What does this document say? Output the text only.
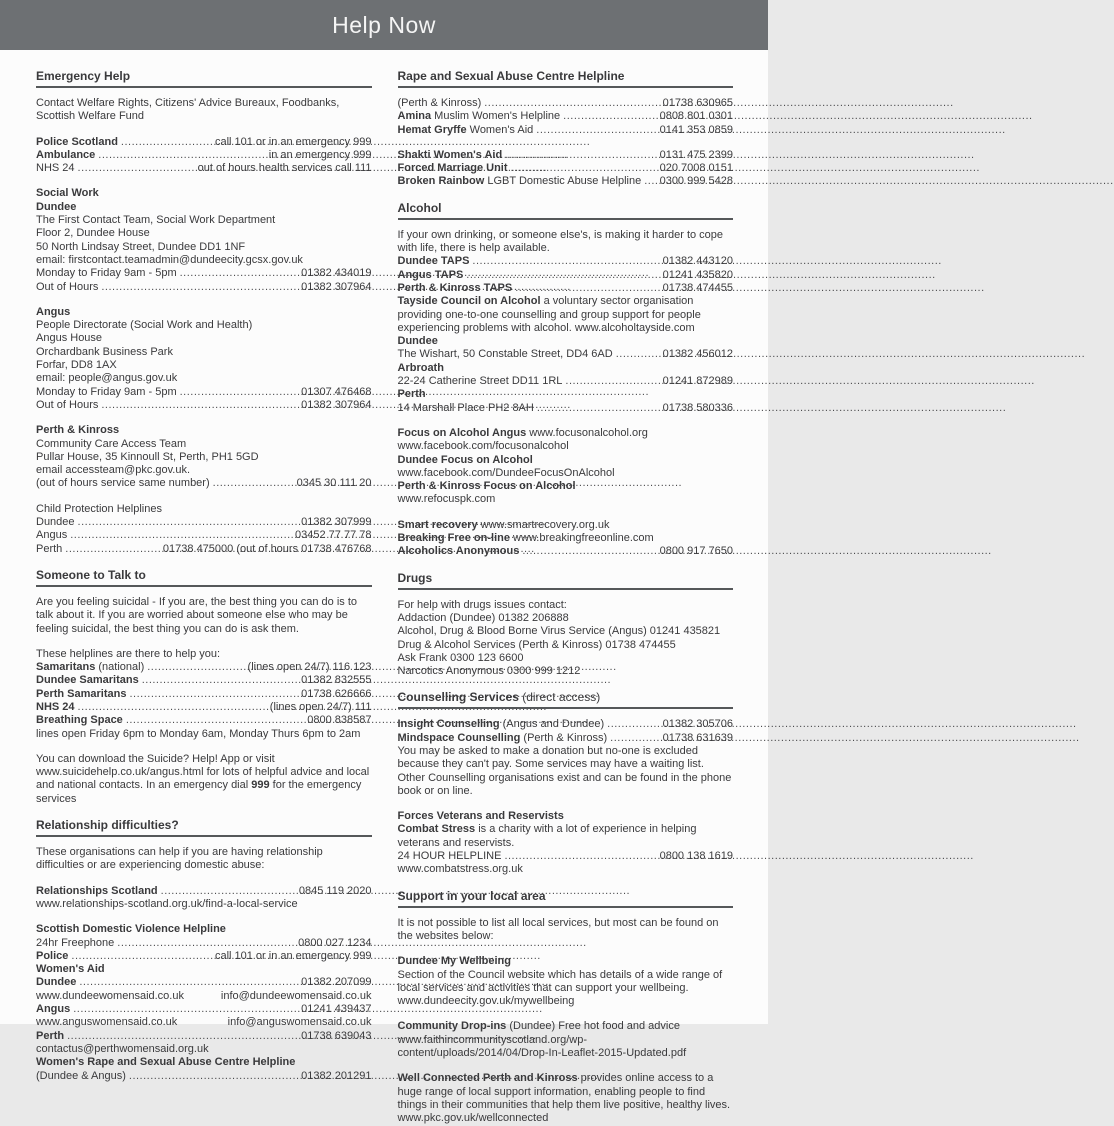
Help Now
Emergency Help
Contact Welfare Rights, Citizens' Advice Bureaux, Foodbanks, Scottish Welfare Fund
Police Scotland .....	call 101 or in an emergency 999
Ambulance .....	in an emergency 999
NHS 24 .....	out of hours health services call 111
Social Work
Dundee
The First Contact Team, Social Work Department
Floor 2, Dundee House
50 North Lindsay Street, Dundee DD1 1NF
email: firstcontact.teamadmin@dundeecity.gcsx.gov.uk
Monday to Friday 9am - 5pm .....	01382 434019
Out of Hours .....	01382 307964
Angus
People Directorate (Social Work and Health)
Angus House
Orchardbank Business Park
Forfar, DD8 1AX
email: people@angus.gov.uk
Monday to Friday 9am - 5pm .....	01307 476468
Out of Hours .....	01382 307964
Perth & Kinross
Community Care Access Team
Pullar House, 35 Kinnoull St, Perth, PH1 5GD
email accessteam@pkc.gov.uk.
(out of hours service same number) .....	0345 30 111 20
Child Protection Helplines
Dundee .....	01382 307999
Angus .....	03452 77 77 78
Perth .....	01738 475000 (out of hours 01738 476768
Someone to Talk to
Are you feeling suicidal - If you are, the best thing you can do is to talk about it. If you are worried about someone else who may be feeling suicidal, the best thing you can do is ask them.
These helplines are there to help you:
Samaritans (national) .....	(lines open 24/7) 116 123
Dundee Samaritans .....	01382 832555
Perth Samaritans .....	01738 626666
NHS 24 .....	(lines open 24/7) 111
Breathing Space .....	0800 838587
lines open Friday 6pm to Monday 6am, Monday Thurs 6pm to 2am
You can download the Suicide? Help! App or visit www.suicidehelp.co.uk/angus.html for lots of helpful advice and local and national contacts. In an emergency dial 999 for the emergency services
Relationship difficulties?
These organisations can help if you are having relationship difficulties or are experiencing domestic abuse:
Relationships Scotland .....	0845 119 2020
www.relationships-scotland.org.uk/find-a-local-service
Scottish Domestic Violence Helpline
24hr Freephone .....	0800 027 1234
Police .....	call 101 or in an emergency 999
Women's Aid
Dundee .....	01382 207099
www.dundeewomensaid.co.uk	info@dundeewomensaid.co.uk
Angus .....	01241 439437
www.anguswomensaid.co.uk	info@anguswomensaid.co.uk
Perth .....	01738 639043
contactus@perthwomensaid.org.uk
Women's Rape and Sexual Abuse Centre Helpline
(Dundee & Angus) .....	01382 201291
Rape and Sexual Abuse Centre Helpline
(Perth & Kinross) .....	01738 630965
Amina Muslim Women's Helpline .....	0808 801 0301
Hemat Gryffe Women's Aid .....	0141 353 0859
Shakti Women's Aid .....	0131 475 2399
Forced Marriage Unit .....	020 7008 0151
Broken Rainbow LGBT Domestic Abuse Helpline ..... 0300 999 5428
Alcohol
If your own drinking, or someone else's, is making it harder to cope with life, there is help available.
Dundee TAPS .....	01382 443120
Angus TAPS .....	01241 435820
Perth & Kinross TAPS .....	01738 474455
Tayside Council on Alcohol a voluntary sector organisation providing one-to-one counselling and group support for people experiencing problems with alcohol. www.alcoholtayside.com
Dundee
The Wishart, 50 Constable Street, DD4 6AD .....	01382 456012
Arbroath
22-24 Catherine Street DD11 1RL .....	01241 872989
Perth
14 Marshall Place PH2 8AH .....	01738 580336
Focus on Alcohol Angus www.focusonalcohol.org
www.facebook.com/focusonalcohol
Dundee Focus on Alcohol
www.facebook.com/DundeeFocusOnAlcohol
Perth & Kinross Focus on Alcohol
www.refocuspk.com
Smart recovery www.smartrecovery.org.uk
Breaking Free on-line www.breakingfreeonline.com
Alcoholics Anonymous .....	0800 917 7650
Drugs
For help with drugs issues contact:
Addaction (Dundee) 01382 206888
Alcohol, Drug & Blood Borne Virus Service (Angus) 01241 435821
Drug & Alcohol Services (Perth & Kinross) 01738 474455
Ask Frank 0300 123 6600
Narcotics Anonymous 0300 999 1212
Counselling Services (direct access)
Insight Counselling (Angus and Dundee) .....	01382 305706
Mindspace Counselling (Perth & Kinross) .....	01738 631639
You may be asked to make a donation but no-one is excluded because they can't pay. Some services may have a waiting list. Other Counselling organisations exist and can be found in the phone book or on line.
Forces Veterans and Reservists
Combat Stress is a charity with a lot of experience in helping veterans and reservists.
24 HOUR HELPLINE .....	0800 138 1619
www.combatstress.org.uk
Support in your local area
It is not possible to list all local services, but most can be found on the websites below:
Dundee My Wellbeing
Section of the Council website which has details of a wide range of local services and activities that can support your wellbeing.
www.dundeecity.gov.uk/mywellbeing
Community Drop-ins (Dundee) Free hot food and advice
www.faithincommunityscotland.org/wp-content/uploads/2014/04/Drop-In-Leaflet-2015-Updated.pdf
Well Connected Perth and Kinross provides online access to a huge range of local support information, enabling people to find things in their communities that help them live positive, healthy lives. www.pkc.gov.uk/wellconnected
